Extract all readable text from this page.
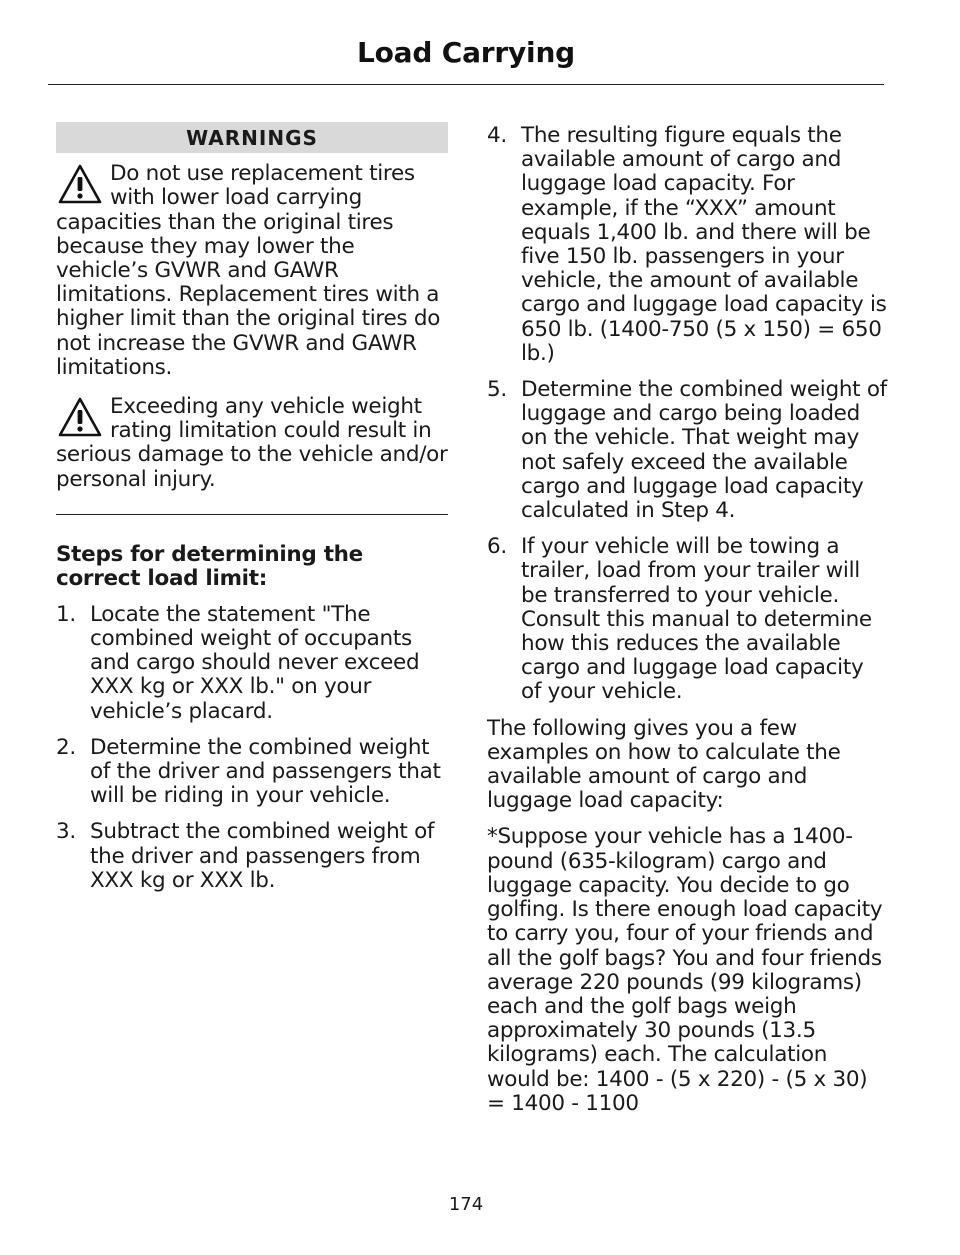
Load Carrying
WARNINGS

Do not use replacement tires with lower load carrying capacities than the original tires because they may lower the vehicle’s GVWR and GAWR limitations. Replacement tires with a higher limit than the original tires do not increase the GVWR and GAWR limitations.

Exceeding any vehicle weight rating limitation could result in serious damage to the vehicle and/or personal injury.

Steps for determining the correct load limit:
1. Locate the statement "The combined weight of occupants and cargo should never exceed XXX kg or XXX lb." on your vehicle’s placard.
2. Determine the combined weight of the driver and passengers that will be riding in your vehicle.
3. Subtract the combined weight of the driver and passengers from XXX kg or XXX lb.
4. The resulting figure equals the available amount of cargo and luggage load capacity. For example, if the “XXX” amount equals 1,400 lb. and there will be five 150 lb. passengers in your vehicle, the amount of available cargo and luggage load capacity is 650 lb. (1400-750 (5 x 150) = 650 lb.)
5. Determine the combined weight of luggage and cargo being loaded on the vehicle. That weight may not safely exceed the available cargo and luggage load capacity calculated in Step 4.
6. If your vehicle will be towing a trailer, load from your trailer will be transferred to your vehicle. Consult this manual to determine how this reduces the available cargo and luggage load capacity of your vehicle.

The following gives you a few examples on how to calculate the available amount of cargo and luggage load capacity:

*Suppose your vehicle has a 1400-pound (635-kilogram) cargo and luggage capacity. You decide to go golfing. Is there enough load capacity to carry you, four of your friends and all the golf bags? You and four friends average 220 pounds (99 kilograms) each and the golf bags weigh approximately 30 pounds (13.5 kilograms) each. The calculation would be: 1400 - (5 x 220) - (5 x 30) = 1400 - 1100

174
